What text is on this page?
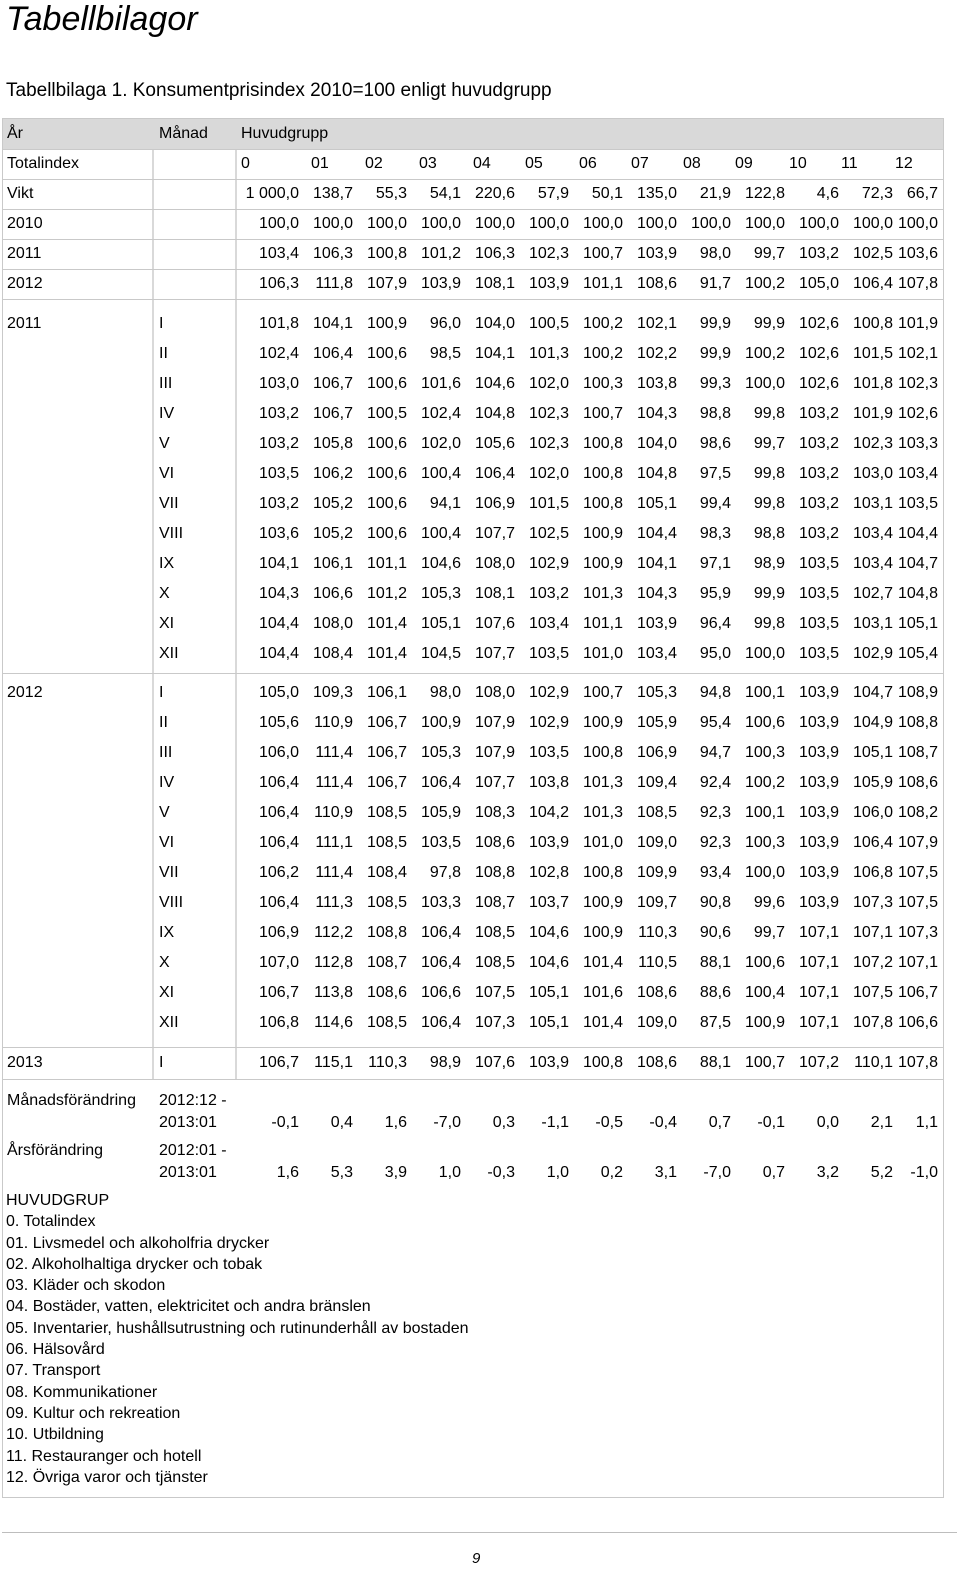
Tabellbilagor
Tabellbilaga 1. Konsumentprisindex 2010=100 enligt huvudgrupp
År	Månad Huvudgrupp
Totalindex	0	01 02 03 04 05 06 07 08 09 10 11 12
Vikt	1 000,0 138,7	55,3	54,1 220,6	57,9	50,1 135,0	21,9 122,8	4,6	72,3 66,7
2010	100,0 100,0 100,0 100,0 100,0 100,0 100,0 100,0 100,0 100,0 100,0 100,0 100,0
2011	103,4 106,3 100,8 101,2 106,3 102,3 100,7 103,9	98,0	99,7 103,2 102,5 103,6
2012	106,3	111,8 107,9 103,9 108,1 103,9 101,1 108,6	91,7 100,2 105,0 106,4 107,8
2011	I	101,8 104,1 100,9	96,0 104,0 100,5 100,2 102,1	99,9	99,9 102,6 100,8 101,9
II	102,4 106,4 100,6	98,5 104,1 101,3 100,2 102,2	99,9 100,2 102,6 101,5 102,1
III	103,0 106,7 100,6 101,6 104,6 102,0 100,3 103,8	99,3 100,0 102,6 101,8 102,3
IV	103,2 106,7 100,5 102,4 104,8 102,3 100,7 104,3	98,8	99,8 103,2 101,9 102,6
V	103,2 105,8 100,6 102,0 105,6 102,3 100,8 104,0	98,6	99,7 103,2 102,3 103,3
VI	103,5 106,2 100,6 100,4 106,4 102,0 100,8 104,8	97,5	99,8 103,2 103,0 103,4
VII	103,2 105,2 100,6	94,1 106,9 101,5 100,8 105,1	99,4	99,8 103,2 103,1 103,5
VIII	103,6 105,2 100,6 100,4 107,7 102,5 100,9 104,4	98,3	98,8 103,2 103,4 104,4
IX	104,1 106,1 101,1 104,6 108,0 102,9 100,9 104,1	97,1	98,9 103,5 103,4 104,7
X	104,3 106,6 101,2 105,3 108,1 103,2 101,3 104,3	95,9	99,9 103,5 102,7 104,8
XI	104,4 108,0 101,4 105,1 107,6 103,4 101,1 103,9	96,4	99,8 103,5 103,1 105,1
XII	104,4 108,4 101,4 104,5 107,7 103,5 101,0 103,4	95,0 100,0 103,5 102,9 105,4
2012	I	105,0 109,3 106,1	98,0 108,0 102,9 100,7 105,3	94,8 100,1 103,9 104,7 108,9
II	105,6 110,9 106,7 100,9 107,9 102,9 100,9 105,9	95,4 100,6 103,9 104,9 108,8
III	106,0	111,4 106,7 105,3 107,9 103,5 100,8 106,9	94,7 100,3 103,9 105,1 108,7
IV	106,4	111,4 106,7 106,4 107,7 103,8 101,3 109,4	92,4 100,2 103,9 105,9 108,6
V	106,4 110,9 108,5 105,9 108,3 104,2 101,3 108,5	92,3 100,1 103,9 106,0 108,2
VI	106,4	111,1 108,5 103,5 108,6 103,9 101,0 109,0	92,3 100,3 103,9 106,4 107,9
VII	106,2	111,4 108,4	97,8 108,8 102,8 100,8 109,9	93,4 100,0 103,9 106,8 107,5
VIII	106,4	111,3 108,5 103,3 108,7 103,7 100,9 109,7	90,8	99,6 103,9 107,3 107,5
IX	106,9 112,2 108,8 106,4 108,5 104,6 100,9 110,3	90,6	99,7 107,1 107,1 107,3
X	107,0 112,8 108,7 106,4 108,5 104,6 101,4 110,5	88,1 100,6 107,1 107,2 107,1
XI	106,7 113,8 108,6 106,6 107,5 105,1 101,6 108,6	88,6 100,4 107,1 107,5 106,7
XII	106,8 114,6 108,5 106,4 107,3 105,1 101,4 109,0	87,5 100,9 107,1 107,8 106,6
2013	I	106,7 115,1 110,3	98,9 107,6 103,9 100,8 108,6	88,1 100,7 107,2 110,1 107,8
Månadsförändring 2012:12 -
2013:01	-0,1	0,4	1,6	-7,0	0,3	-1,1	-0,5	-0,4	0,7	-0,1	0,0	2,1	1,1
Årsförändring	2012:01 -
2013:01	1,6	5,3	3,9	1,0	-0,3	1,0	0,2	3,1	-7,0	0,7	3,2	5,2	-1,0
HUVUDGRUP
0. Totalindex
01. Livsmedel och alkoholfria drycker
02. Alkoholhaltiga drycker och tobak
03. Kläder och skodon
04. Bostäder, vatten, elektricitet och andra bränslen
05. Inventarier, hushållsutrustning och rutinunderhåll av bostaden
06. Hälsovård
07. Transport
08. Kommunikationer
09. Kultur och rekreation
10. Utbildning
11. Restauranger och hotell
12. Övriga varor och tjänster
9
